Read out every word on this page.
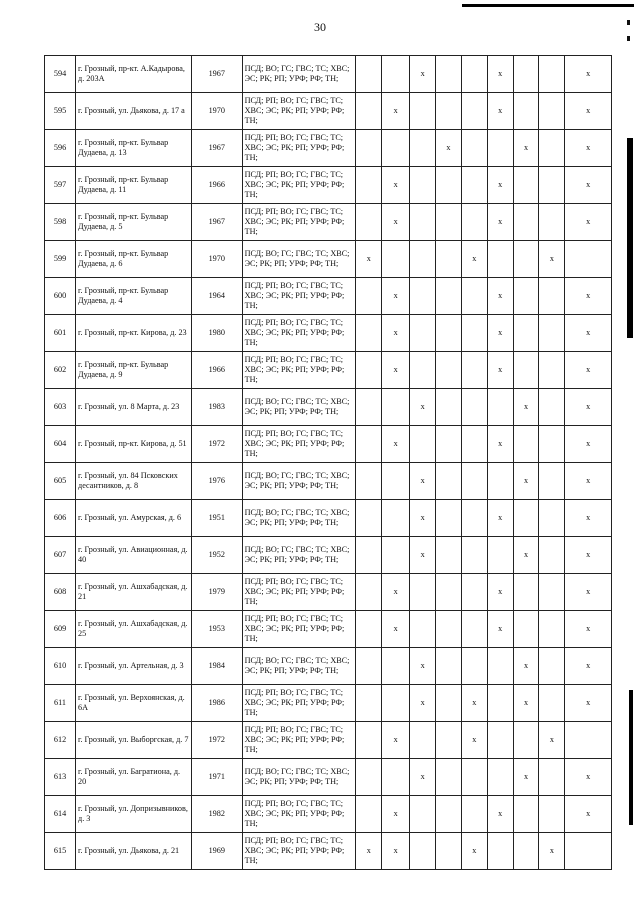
30
594	г. Грозный, пр-кт. А.Кадырова, д. 203А	1967	ПСД; ВО; ГС; ГВС; ТС; ХВС; ЭС; РК; РП; УРФ; РФ; ТН;			x			x			x
595	г. Грозный, ул. Дьякова, д. 17 а	1970	ПСД; РП; ВО; ГС; ГВС; ТС; ХВС; ЭС; РК; РП; УРФ; РФ; ТН;		x				x			x
596	г. Грозный, пр-кт. Бульвар Дудаева, д. 13	1967	ПСД; РП; ВО; ГС; ГВС; ТС; ХВС; ЭС; РК; РП; УРФ; РФ; ТН;				x			x		x
597	г. Грозный, пр-кт. Бульвар Дудаева, д. 11	1966	ПСД; РП; ВО; ГС; ГВС; ТС; ХВС; ЭС; РК; РП; УРФ; РФ; ТН;		x				x			x
598	г. Грозный, пр-кт. Бульвар Дудаева, д. 5	1967	ПСД; РП; ВО; ГС; ГВС; ТС; ХВС; ЭС; РК; РП; УРФ; РФ; ТН;		x				x			x
599	г. Грозный, пр-кт. Бульвар Дудаева, д. 6	1970	ПСД; ВО; ГС; ГВС; ТС; ХВС; ЭС; РК; РП; УРФ; РФ; ТН;	x				x			x	
600	г. Грозный, пр-кт. Бульвар Дудаева, д. 4	1964	ПСД; РП; ВО; ГС; ГВС; ТС; ХВС; ЭС; РК; РП; УРФ; РФ; ТН;		x				x			x
601	г. Грозный, пр-кт. Кирова, д. 23	1980	ПСД; РП; ВО; ГС; ГВС; ТС; ХВС; ЭС; РК; РП; УРФ; РФ; ТН;		x				x			x
602	г. Грозный, пр-кт. Бульвар Дудаева, д. 9	1966	ПСД; РП; ВО; ГС; ГВС; ТС; ХВС; ЭС; РК; РП; УРФ; РФ; ТН;		x				x			x
603	г. Грозный, ул. 8 Марта, д. 23	1983	ПСД; ВО; ГС; ГВС; ТС; ХВС; ЭС; РК; РП; УРФ; РФ; ТН;			x				x		x
604	г. Грозный, пр-кт. Кирова, д. 51	1972	ПСД; РП; ВО; ГС; ГВС; ТС; ХВС; ЭС; РК; РП; УРФ; РФ; ТН;		x				x			x
605	г. Грозный, ул. 84 Псковских десантников, д. 8	1976	ПСД; ВО; ГС; ГВС; ТС; ХВС; ЭС; РК; РП; УРФ; РФ; ТН;			x				x		x
606	г. Грозный, ул. Амурская, д. 6	1951	ПСД; ВО; ГС; ГВС; ТС; ХВС; ЭС; РК; РП; УРФ; РФ; ТН;			x			x			x
607	г. Грозный, ул. Авиационная, д. 40	1952	ПСД; ВО; ГС; ГВС; ТС; ХВС; ЭС; РК; РП; УРФ; РФ; ТН;			x				x		x
608	г. Грозный, ул. Ашхабадская, д. 21	1979	ПСД; РП; ВО; ГС; ГВС; ТС; ХВС; ЭС; РК; РП; УРФ; РФ; ТН;		x				x			x
609	г. Грозный, ул. Ашхабадская, д. 25	1953	ПСД; РП; ВО; ГС; ГВС; ТС; ХВС; ЭС; РК; РП; УРФ; РФ; ТН;		x				x			x
610	г. Грозный, ул. Артельная, д. 3	1984	ПСД; ВО; ГС; ГВС; ТС; ХВС; ЭС; РК; РП; УРФ; РФ; ТН;			x				x		x
611	г. Грозный, ул. Верхоянская, д. 6А	1986	ПСД; РП; ВО; ГС; ГВС; ТС; ХВС; ЭС; РК; РП; УРФ; РФ; ТН;			x		x		x		x
612	г. Грозный, ул. Выборгская, д. 7	1972	ПСД; РП; ВО; ГС; ГВС; ТС; ХВС; ЭС; РК; РП; УРФ; РФ; ТН;		x			x			x	
613	г. Грозный, ул. Багратиона, д. 20	1971	ПСД; ВО; ГС; ГВС; ТС; ХВС; ЭС; РК; РП; УРФ; РФ; ТН;			x				x		x
614	г. Грозный, ул. Допризывников, д. 3	1982	ПСД; РП; ВО; ГС; ГВС; ТС; ХВС; ЭС; РК; РП; УРФ; РФ; ТН;		x				x			x
615	г. Грозный, ул. Дьякова, д. 21	1969	ПСД; РП; ВО; ГС; ГВС; ТС; ХВС; ЭС; РК; РП; УРФ; РФ; ТН;	x	x			x			x	
